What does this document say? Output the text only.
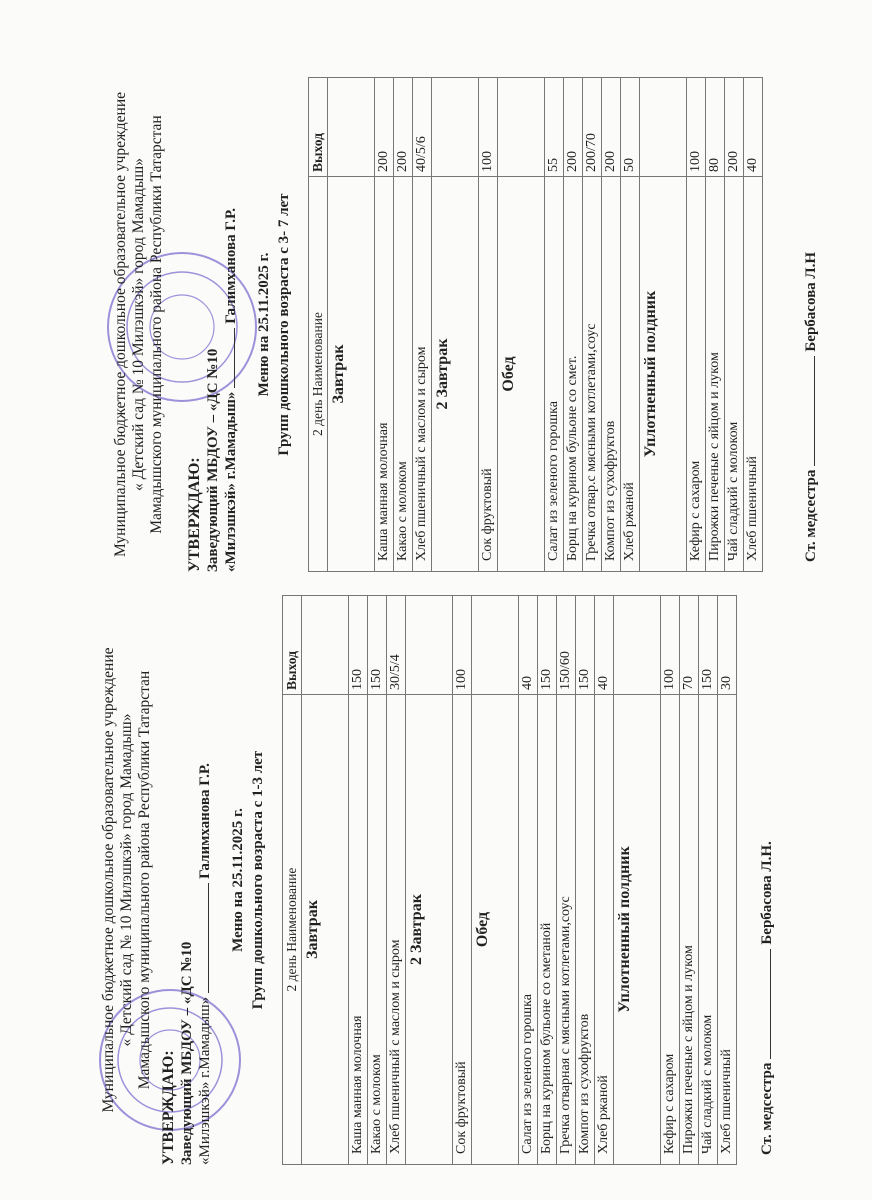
Муниципальное бюджетное дошкольное образовательное учреждение « Детский сад № 10 Милэшкэй» город Мамадыш» Мамадышского муниципального района Республики Татарстан
УТВЕРЖДАЮ: Заведующий МБДОУ – «ДС №10 «Милэшкэй» г.Мамадыш»Галимханова Г.Р. Меню на 25.11.2025 г. Групп дошкольного возраста с 1-3 лет 2 день Наименование	Выход
Завтрак	
Каша манная молочная	150
Какао с молоком	150
Хлеб пшеничный с маслом и сыром	30/5/4
2 Завтрак	
Сок фруктовый	100
Обед	
Салат из зеленого горошка	40
Борщ на курином бульоне со сметаной	150
Гречка отварная с мясными котлетами,соус	150/60
Компот из сухофруктов	150
Хлеб ржаной	40
Уплотненный полдник	
Кефир с сахаром	100
Пирожки печеные с яйцом и луком	70
Чай сладкий с молоком	150
Хлеб пшеничный	30
Ст. медсестраБербасова Л.Н.
Муниципальное бюджетное дошкольное образовательное учреждение « Детский сад № 10 Милэшкэй» город Мамадыш» Мамадышского муниципального района Республики Татарстан УТВЕРЖДАЮ: Заведующий МБДОУ – «ДС №10 «Милэшкэй» г.Мамадыш»Галимханова Г.Р. Меню на 25.11.2025 г. Групп дошкольного возраста с 3- 7 лет 2 день Наименование	Выход
Завтрак	
Каша манная молочная	200
Какао с молоком	200
Хлеб пшеничный с маслом и сыром	40/5/6
2 Завтрак	
Сок фруктовый	100
Обед	
Салат из зеленого горошка	55
Борщ на курином бульоне со смет.	200
Гречка отвар.с мясными котлетами,соус	200/70
Компот из сухофруктов	200
Хлеб ржаной	50
Уплотненный полдник	
Кефир с сахаром	100
Пирожки печеные с яйцом и луком	80
Чай сладкий с молоком	200
Хлеб пшеничный	40
Ст. медсестраБербасова Л.Н
